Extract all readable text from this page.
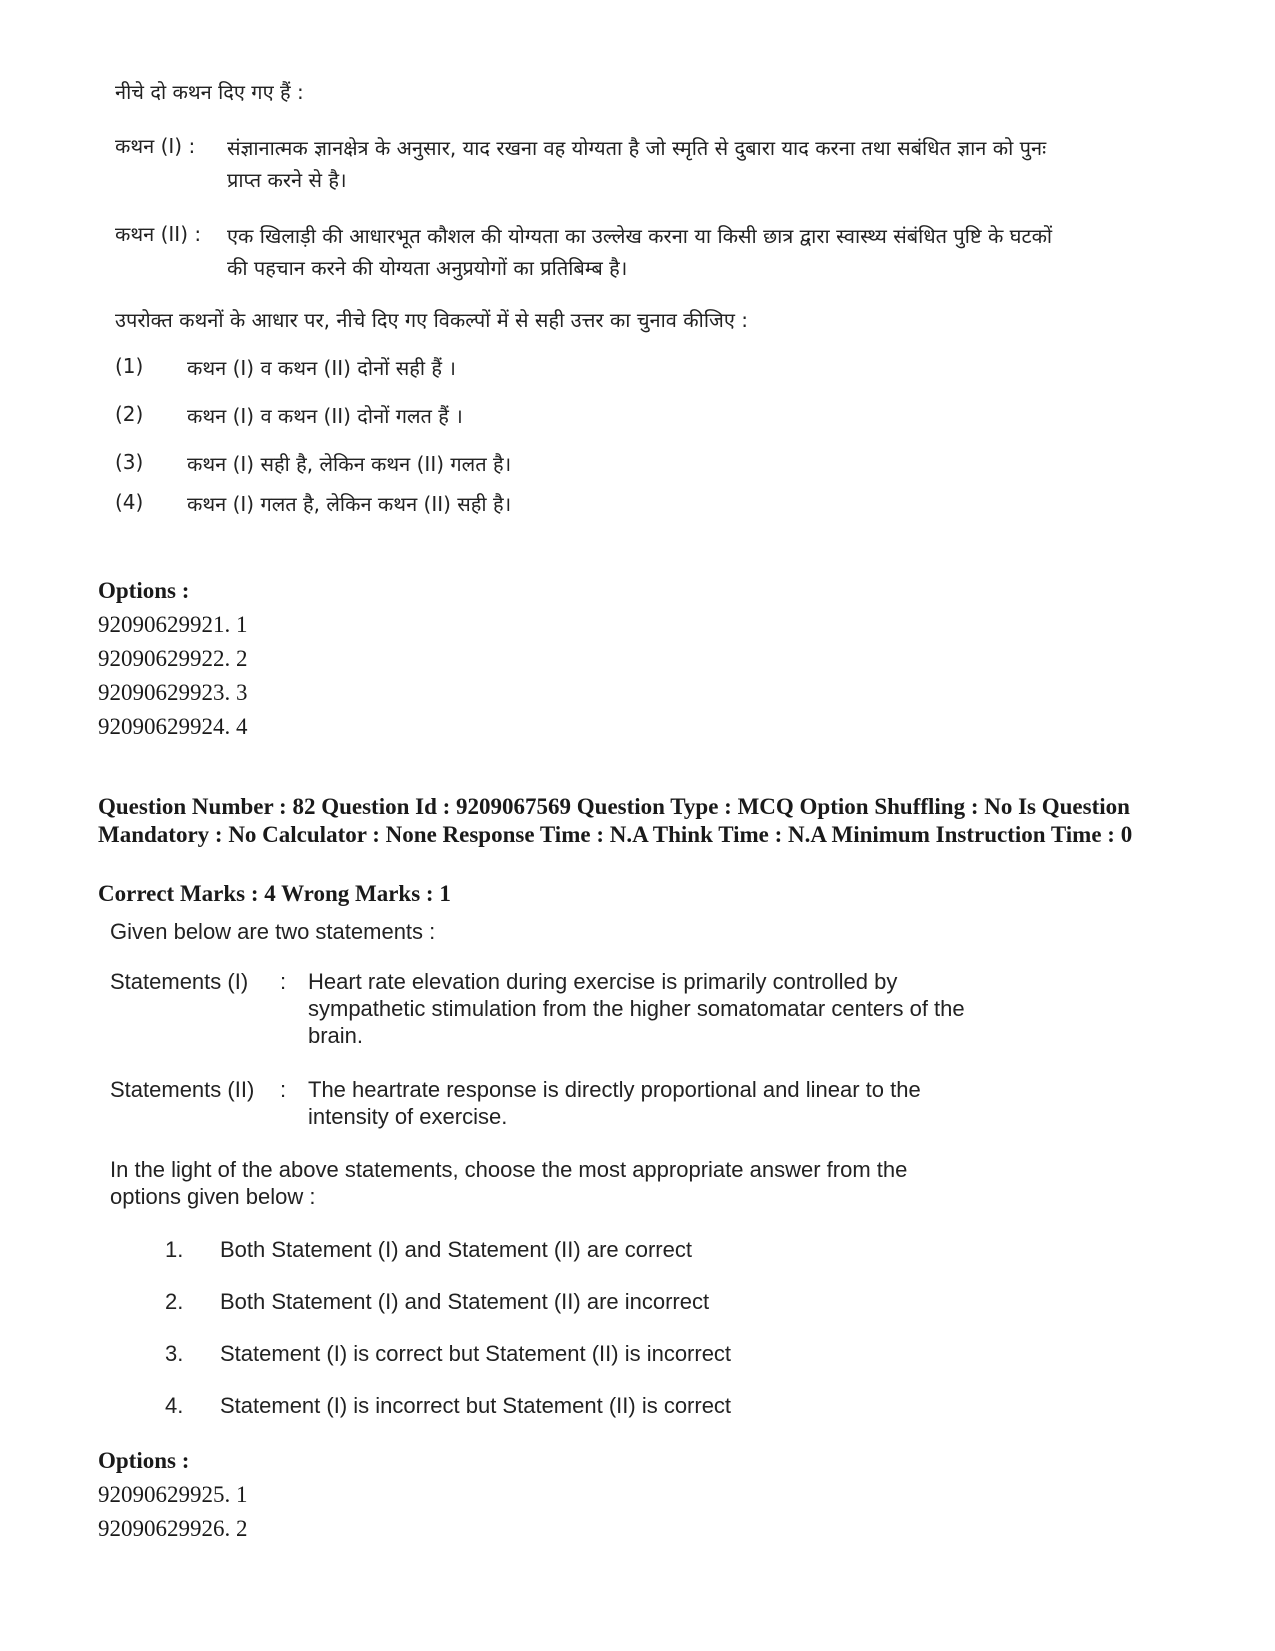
नीचे दो कथन दिए गए हैं :
कथन (I) : संज्ञानात्मक ज्ञानक्षेत्र के अनुसार, याद रखना वह योग्यता है जो स्मृति से दुबारा याद करना तथा सबंधित ज्ञान को पुनः प्राप्त करने से है।
कथन (II) : एक खिलाड़ी की आधारभूत कौशल की योग्यता का उल्लेख करना या किसी छात्र द्वारा स्वास्थ्य संबंधित पुष्टि के घटकों की पहचान करने की योग्यता अनुप्रयोगों का प्रतिबिम्ब है।
उपरोक्त कथनों के आधार पर, नीचे दिए गए विकल्पों में से सही उत्तर का चुनाव कीजिए :
(1) कथन (I) व कथन (II) दोनों सही हैं ।
(2) कथन (I) व कथन (II) दोनों गलत हैं ।
(3) कथन (I) सही है, लेकिन कथन (II) गलत है।
(4) कथन (I) गलत है, लेकिन कथन (II) सही है।
Options :
92090629921. 1
92090629922. 2
92090629923. 3
92090629924. 4
Question Number : 82 Question Id : 9209067569 Question Type : MCQ Option Shuffling : No Is Question Mandatory : No Calculator : None Response Time : N.A Think Time : N.A Minimum Instruction Time : 0
Correct Marks : 4 Wrong Marks : 1
Given below are two statements :
Statements (I) : Heart rate elevation during exercise is primarily controlled by sympathetic stimulation from the higher somatomatar centers of the brain.
Statements (II) : The heartrate response is directly proportional and linear to the intensity of exercise.
In the light of the above statements, choose the most appropriate answer from the options given below :
1. Both Statement (I) and Statement (II) are correct
2. Both Statement (I) and Statement (II) are incorrect
3. Statement (I) is correct but Statement (II) is incorrect
4. Statement (I) is incorrect but Statement (II) is correct
Options :
92090629925. 1
92090629926. 2
